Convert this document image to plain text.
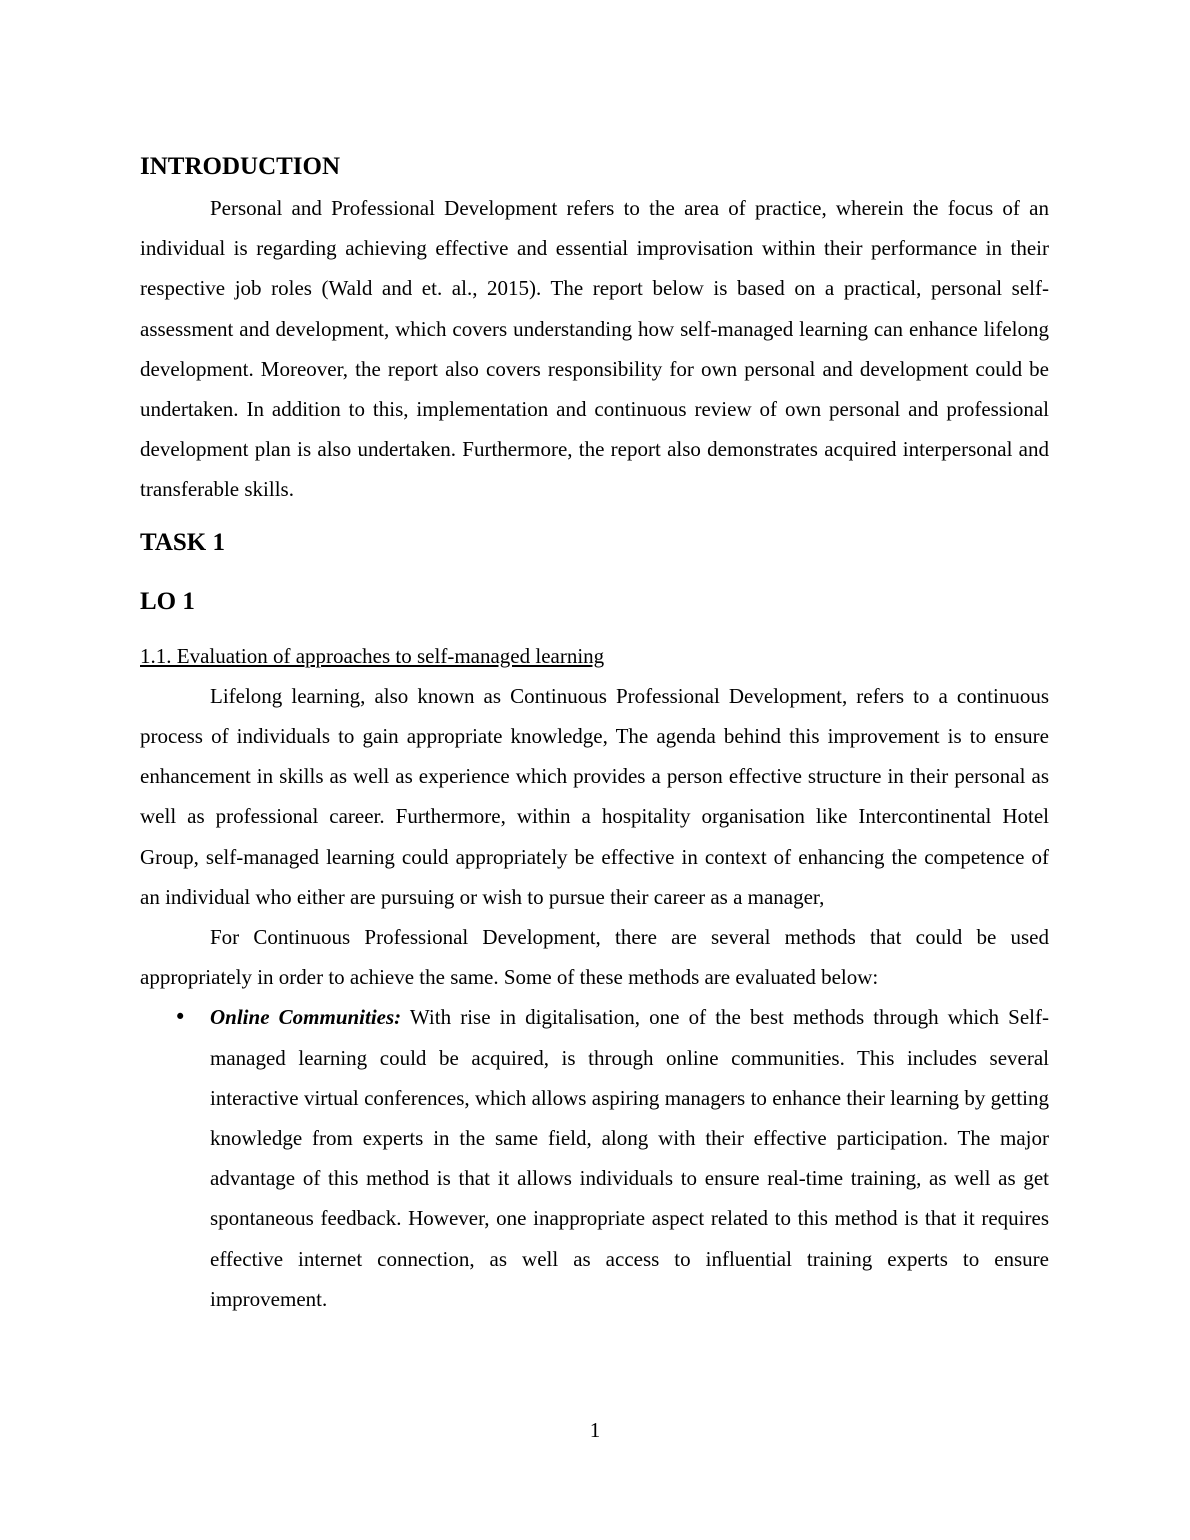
INTRODUCTION

Personal and Professional Development refers to the area of practice, wherein the focus of an individual is regarding achieving effective and essential improvisation within their performance in their respective job roles (Wald and et. al., 2015). The report below is based on a practical, personal self-assessment and development, which covers understanding how self-managed learning can enhance lifelong development. Moreover, the report also covers responsibility for own personal and development could be undertaken. In addition to this, implementation and continuous review of own personal and professional development plan is also undertaken. Furthermore, the report also demonstrates acquired interpersonal and transferable skills.

TASK 1
LO 1

1.1. Evaluation of approaches to self-managed learning

Lifelong learning, also known as Continuous Professional Development, refers to a continuous process of individuals to gain appropriate knowledge, The agenda behind this improvement is to ensure enhancement in skills as well as experience which provides a person effective structure in their personal as well as professional career. Furthermore, within a hospitality organisation like Intercontinental Hotel Group, self-managed learning could appropriately be effective in context of enhancing the competence of an individual who either are pursuing or wish to pursue their career as a manager,

For Continuous Professional Development, there are several methods that could be used appropriately in order to achieve the same. Some of these methods are evaluated below:

• Online Communities: With rise in digitalisation, one of the best methods through which Self-managed learning could be acquired, is through online communities. This includes several interactive virtual conferences, which allows aspiring managers to enhance their learning by getting knowledge from experts in the same field, along with their effective participation. The major advantage of this method is that it allows individuals to ensure real-time training, as well as get spontaneous feedback. However, one inappropriate aspect related to this method is that it requires effective internet connection, as well as access to influential training experts to ensure improvement.
1
